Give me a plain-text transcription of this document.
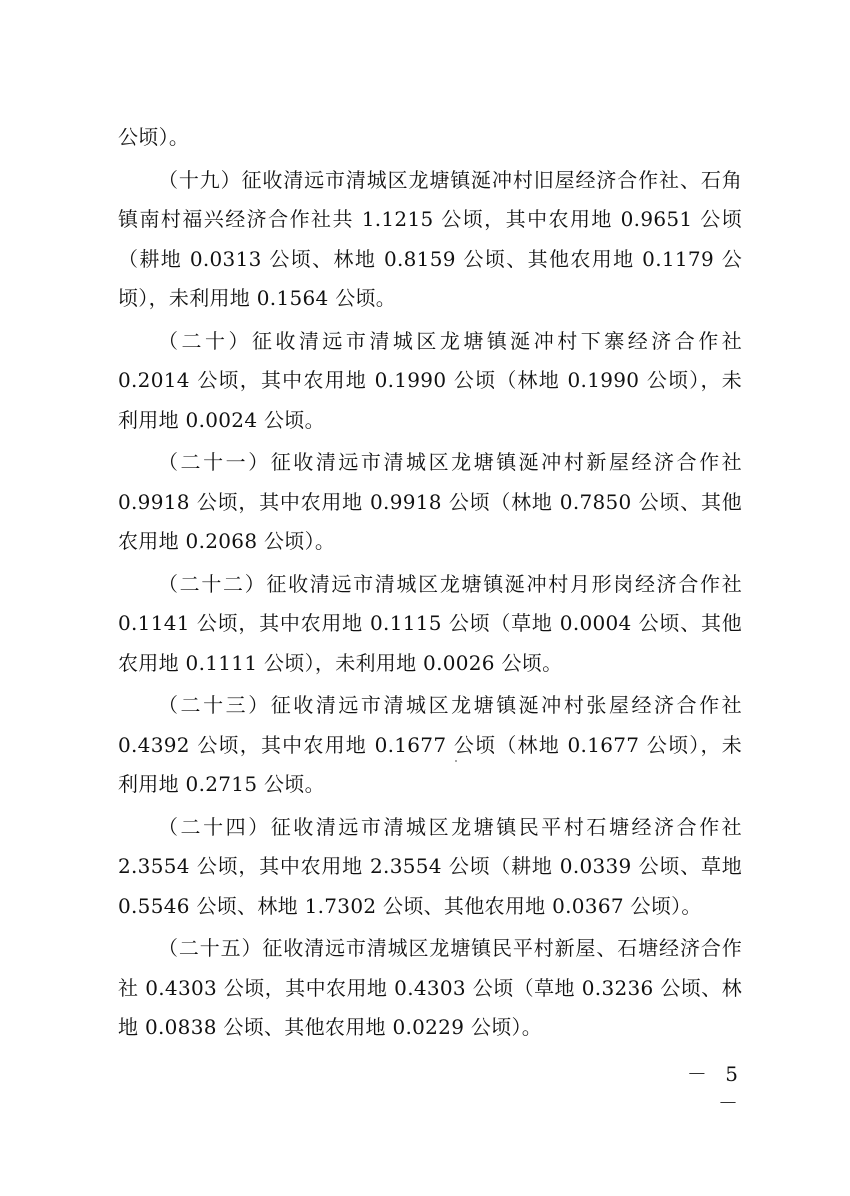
公顷）。

（十九）征收清远市清城区龙塘镇涎冲村旧屋经济合作社、石角镇南村福兴经济合作社共 1.1215 公顷，其中农用地 0.9651 公顷（耕地 0.0313 公顷、林地 0.8159 公顷、其他农用地 0.1179 公顷），未利用地 0.1564 公顷。

（二十）征收清远市清城区龙塘镇涎冲村下寨经济合作社 0.2014 公顷，其中农用地 0.1990 公顷（林地 0.1990 公顷），未利用地 0.0024 公顷。

（二十一）征收清远市清城区龙塘镇涎冲村新屋经济合作社 0.9918 公顷，其中农用地 0.9918 公顷（林地 0.7850 公顷、其他农用地 0.2068 公顷）。

（二十二）征收清远市清城区龙塘镇涎冲村月形岗经济合作社 0.1141 公顷，其中农用地 0.1115 公顷（草地 0.0004 公顷、其他农用地 0.1111 公顷），未利用地 0.0026 公顷。

（二十三）征收清远市清城区龙塘镇涎冲村张屋经济合作社 0.4392 公顷，其中农用地 0.1677 公顷（林地 0.1677 公顷），未利用地 0.2715 公顷。

（二十四）征收清远市清城区龙塘镇民平村石塘经济合作社 2.3554 公顷，其中农用地 2.3554 公顷（耕地 0.0339 公顷、草地 0.5546 公顷、林地 1.7302 公顷、其他农用地 0.0367 公顷）。

（二十五）征收清远市清城区龙塘镇民平村新屋、石塘经济合作社 0.4303 公顷，其中农用地 0.4303 公顷（草地 0.3236 公顷、林地 0.0838 公顷、其他农用地 0.0229 公顷）。

－ 5 －
